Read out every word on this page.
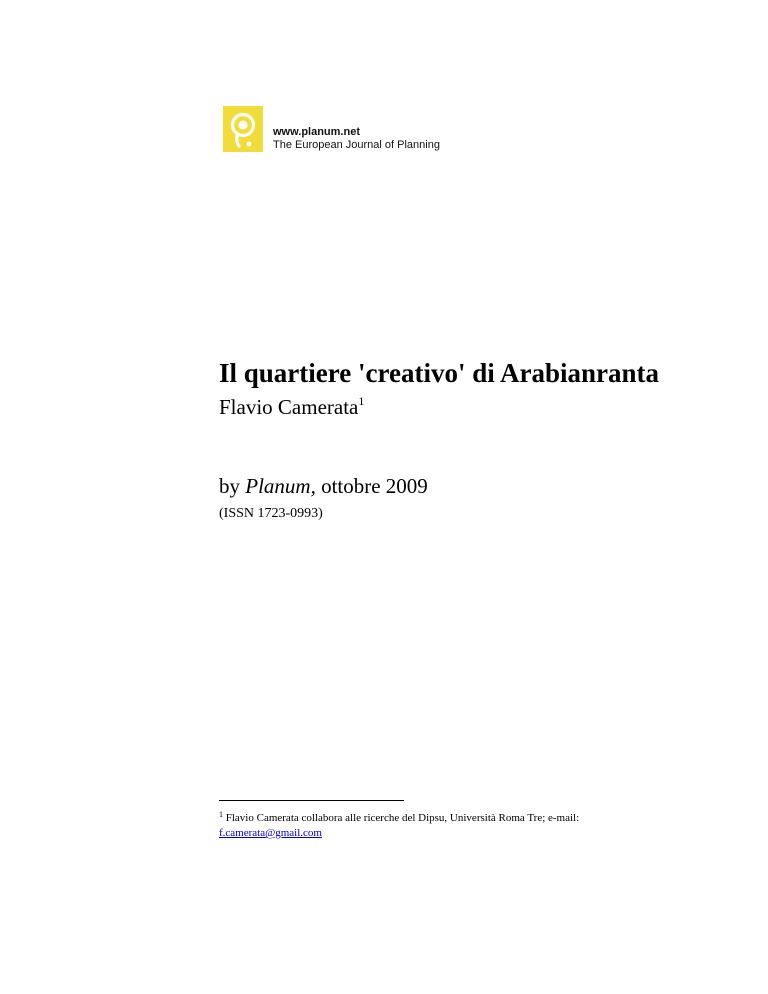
www.planum.net
The European Journal of Planning
Il quartiere 'creativo' di Arabianranta
Flavio Camerata$^1$
by Planum, ottobre 2009
(ISSN 1723-0993)
$^1$ Flavio Camerata collabora alle ricerche del Dipsu, Università Roma Tre; e-mail:
f.camerata@gmail.com
